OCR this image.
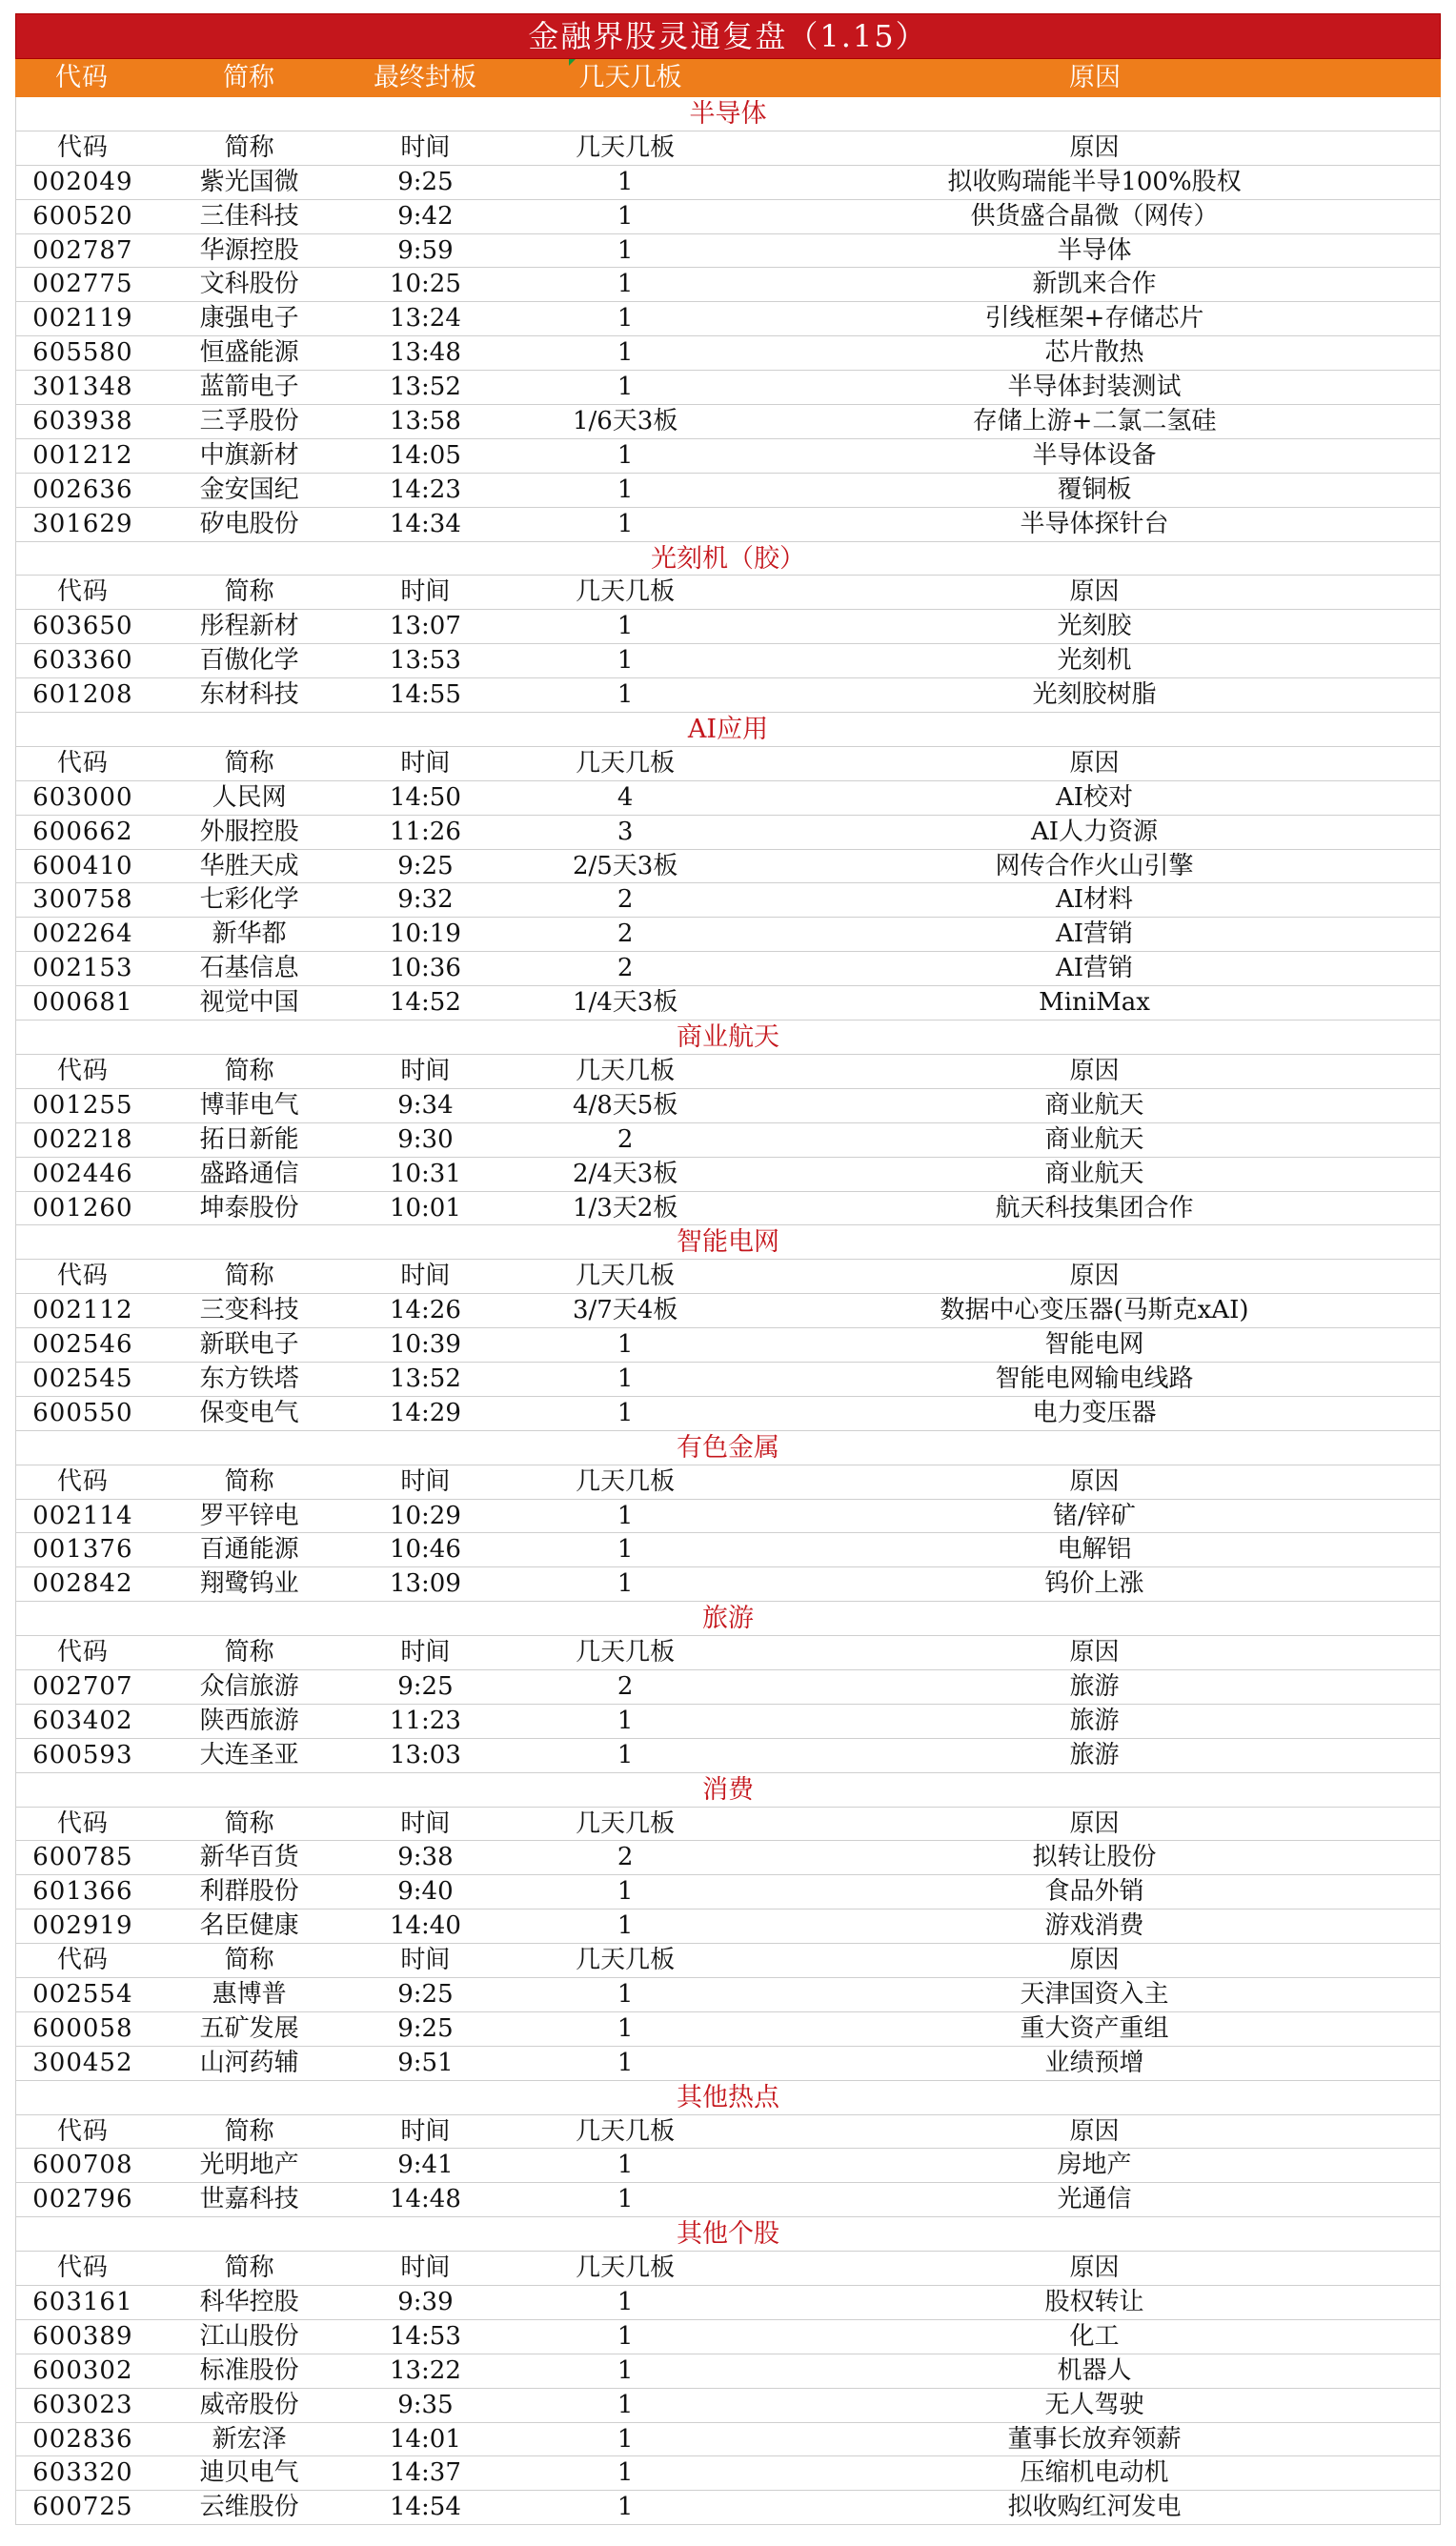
金融界股灵通复盘（1.15）
代码	简称	最终封板	几天几板	原因
半导体
代码	简称	时间	几天几板	原因
002049	紫光国微	9:25	1	拟收购瑞能半导100%股权
600520	三佳科技	9:42	1	供货盛合晶微（网传）
002787	华源控股	9:59	1	半导体
002775	文科股份	10:25	1	新凯来合作
002119	康强电子	13:24	1	引线框架+存储芯片
605580	恒盛能源	13:48	1	芯片散热
301348	蓝箭电子	13:52	1	半导体封装测试
603938	三孚股份	13:58	1/6天3板	存储上游+二氯二氢硅
001212	中旗新材	14:05	1	半导体设备
002636	金安国纪	14:23	1	覆铜板
301629	矽电股份	14:34	1	半导体探针台
光刻机（胶）
代码	简称	时间	几天几板	原因
603650	彤程新材	13:07	1	光刻胶
603360	百傲化学	13:53	1	光刻机
601208	东材科技	14:55	1	光刻胶树脂
AI应用
代码	简称	时间	几天几板	原因
603000	人民网	14:50	4	AI校对
600662	外服控股	11:26	3	AI人力资源
600410	华胜天成	9:25	2/5天3板	网传合作火山引擎
300758	七彩化学	9:32	2	AI材料
002264	新华都	10:19	2	AI营销
002153	石基信息	10:36	2	AI营销
000681	视觉中国	14:52	1/4天3板	MiniMax
商业航天
代码	简称	时间	几天几板	原因
001255	博菲电气	9:34	4/8天5板	商业航天
002218	拓日新能	9:30	2	商业航天
002446	盛路通信	10:31	2/4天3板	商业航天
001260	坤泰股份	10:01	1/3天2板	航天科技集团合作
智能电网
代码	简称	时间	几天几板	原因
002112	三变科技	14:26	3/7天4板	数据中心变压器(马斯克xAI)
002546	新联电子	10:39	1	智能电网
002545	东方铁塔	13:52	1	智能电网输电线路
600550	保变电气	14:29	1	电力变压器
有色金属
代码	简称	时间	几天几板	原因
002114	罗平锌电	10:29	1	锗/锌矿
001376	百通能源	10:46	1	电解铝
002842	翔鹭钨业	13:09	1	钨价上涨
旅游
代码	简称	时间	几天几板	原因
002707	众信旅游	9:25	2	旅游
603402	陕西旅游	11:23	1	旅游
600593	大连圣亚	13:03	1	旅游
消费
代码	简称	时间	几天几板	原因
600785	新华百货	9:38	2	拟转让股份
601366	利群股份	9:40	1	食品外销
002919	名臣健康	14:40	1	游戏消费
代码	简称	时间	几天几板	原因
002554	惠博普	9:25	1	天津国资入主
600058	五矿发展	9:25	1	重大资产重组
300452	山河药辅	9:51	1	业绩预增
其他热点
代码	简称	时间	几天几板	原因
600708	光明地产	9:41	1	房地产
002796	世嘉科技	14:48	1	光通信
其他个股
代码	简称	时间	几天几板	原因
603161	科华控股	9:39	1	股权转让
600389	江山股份	14:53	1	化工
600302	标准股份	13:22	1	机器人
603023	威帝股份	9:35	1	无人驾驶
002836	新宏泽	14:01	1	董事长放弃领薪
603320	迪贝电气	14:37	1	压缩机电动机
600725	云维股份	14:54	1	拟收购红河发电
